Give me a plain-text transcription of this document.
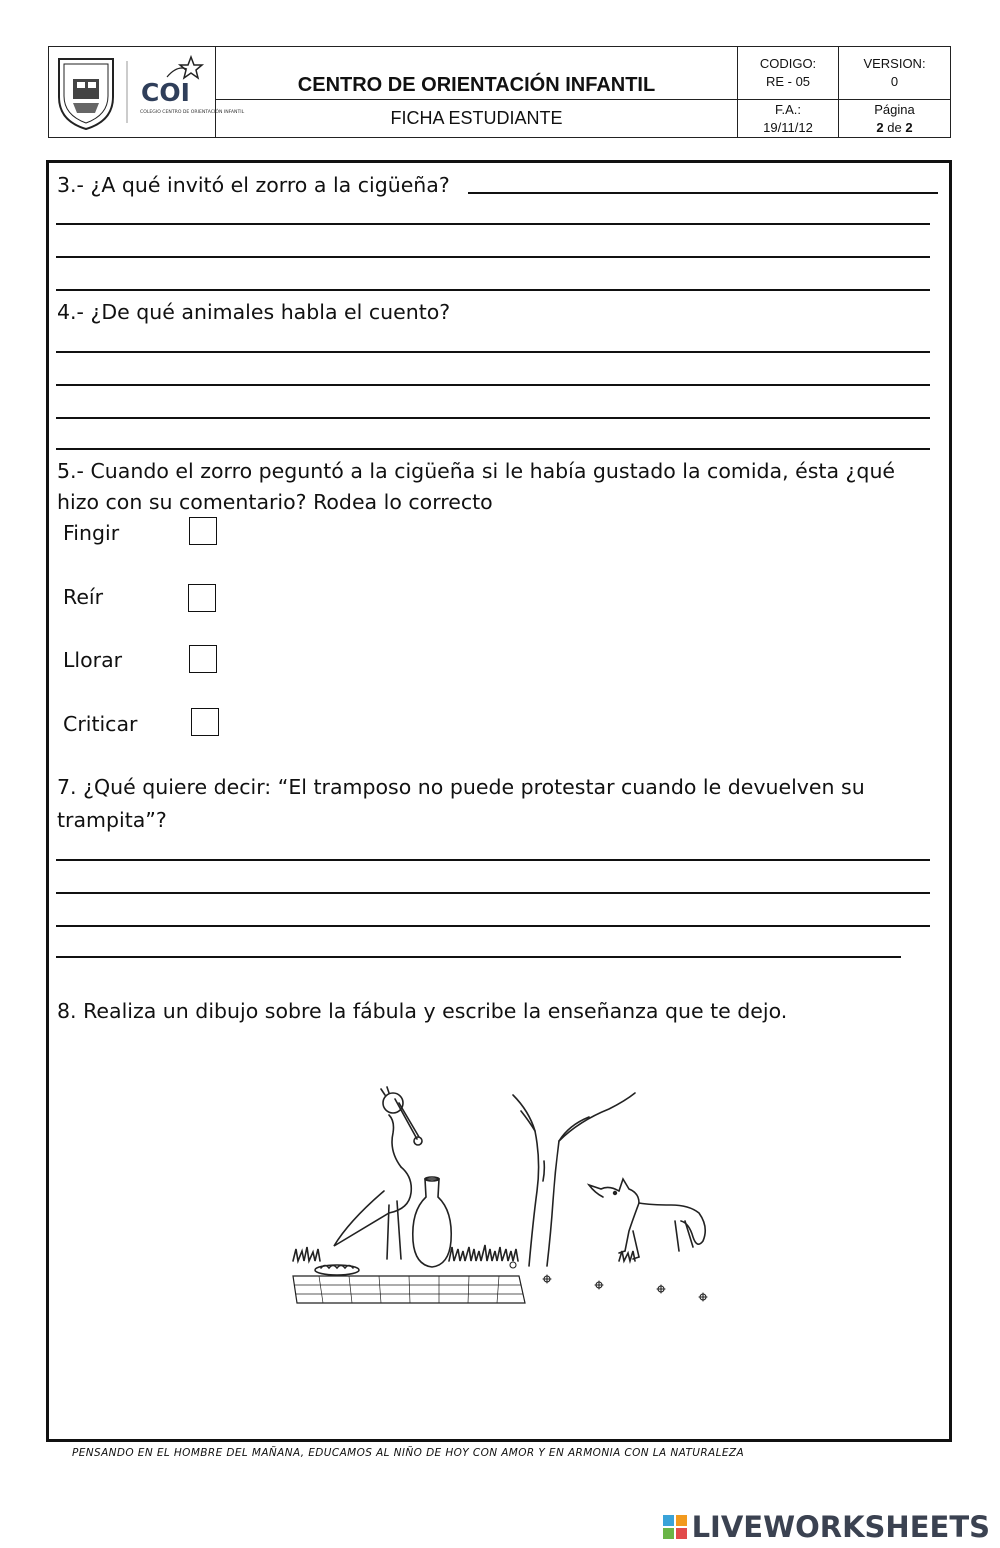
COI
COLEGIO CENTRO DE ORIENTACIÓN INFANTIL
CENTRO DE ORIENTACIÓN INFANTIL
FICHA ESTUDIANTE
CODIGO:
RE - 05
VERSION:
0
F.A.:
19/11/12
Página
2 de 2
3.- ¿A qué invitó el zorro a la cigüeña?
4.- ¿De qué animales habla el cuento?
5.- Cuando el zorro peguntó a la cigüeña si le había gustado la comida, ésta ¿qué
hizo con su comentario? Rodea lo correcto
Fingir
Reír
Llorar
Criticar
7. ¿Qué quiere decir: “El tramposo no puede protestar cuando le devuelven su
trampita”?
8. Realiza un dibujo sobre la fábula y escribe la enseñanza que te dejo.
PENSANDO EN EL HOMBRE DEL MAÑANA, EDUCAMOS AL NIÑO DE HOY CON AMOR Y EN ARMONIA CON LA NATURALEZA
LIVEWORKSHEETS
